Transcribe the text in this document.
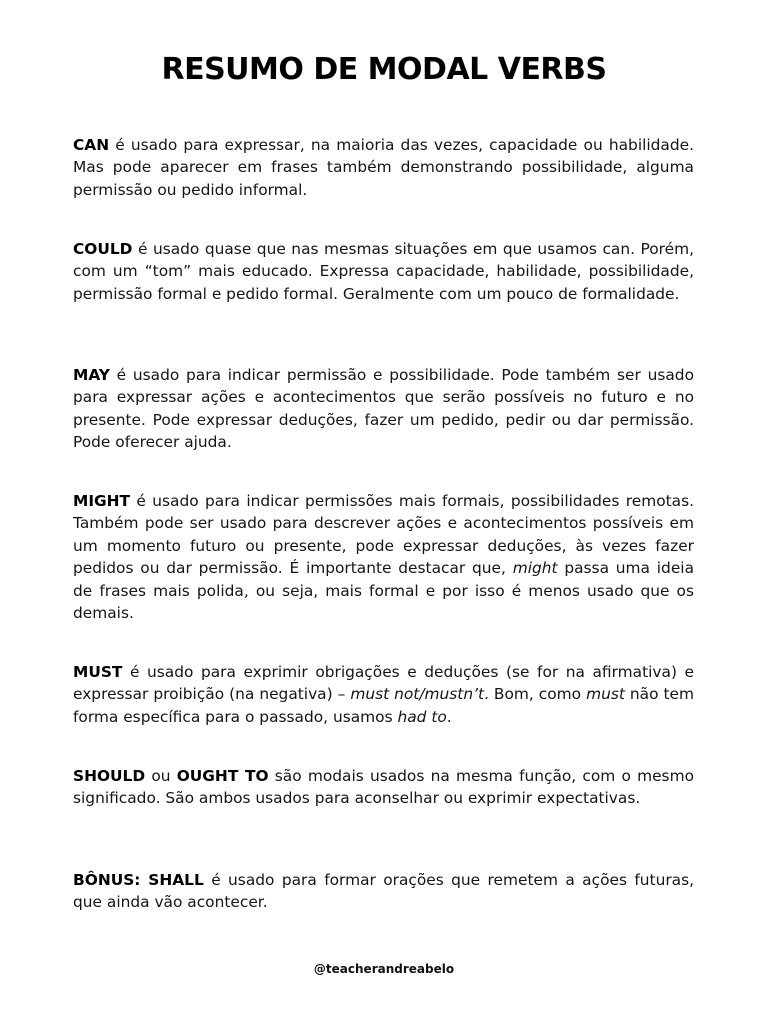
RESUMO DE MODAL VERBS

CAN é usado para expressar, na maioria das vezes, capacidade ou habilidade. Mas pode aparecer em frases também demonstrando possibilidade, alguma permissão ou pedido informal.

COULD é usado quase que nas mesmas situações em que usamos can. Porém, com um “tom” mais educado. Expressa capacidade, habilidade, possibilidade, permissão formal e pedido formal. Geralmente com um pouco de formalidade.

MAY é usado para indicar permissão e possibilidade. Pode também ser usado para expressar ações e acontecimentos que serão possíveis no futuro e no presente. Pode expressar deduções, fazer um pedido, pedir ou dar permissão. Pode oferecer ajuda.

MIGHT é usado para indicar permissões mais formais, possibilidades remotas. Também pode ser usado para descrever ações e acontecimentos possíveis em um momento futuro ou presente, pode expressar deduções, às vezes fazer pedidos ou dar permissão. É importante destacar que, might passa uma ideia de frases mais polida, ou seja, mais formal e por isso é menos usado que os demais.

MUST é usado para exprimir obrigações e deduções (se for na afirmativa) e expressar proibição (na negativa) – must not/mustn’t. Bom, como must não tem forma específica para o passado, usamos had to.

SHOULD ou OUGHT TO são modais usados na mesma função, com o mesmo significado. São ambos usados para aconselhar ou exprimir expectativas.

BÔNUS: SHALL é usado para formar orações que remetem a ações futuras, que ainda vão acontecer.

@teacherandreabelo
